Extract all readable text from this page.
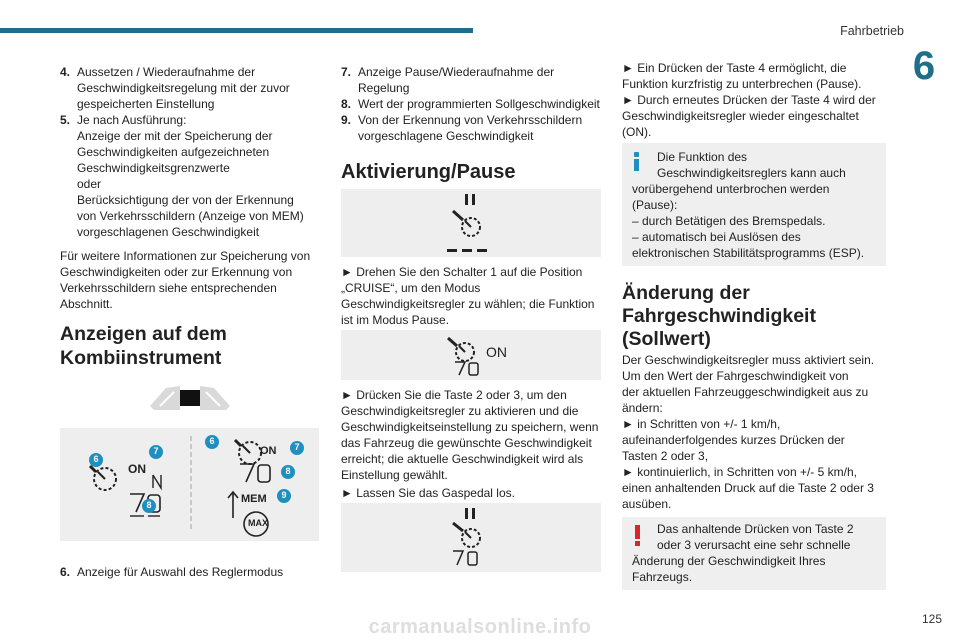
Fahrbetrieb
6
4. Aussetzen / Wiederaufnahme der Geschwindigkeitsregelung mit der zuvor gespeicherten Einstellung

5. Je nach Ausführung:

Anzeige der mit der Speicherung der Geschwindigkeiten aufgezeichneten Geschwindigkeitsgrenzwerte

oder

Berücksichtigung der von der Erkennung von Verkehrsschildern (Anzeige von MEM) vorgeschlagenen Geschwindigkeit

Für weitere Informationen zur Speicherung von Geschwindigkeiten oder zur Erkennung von Verkehrsschildern siehe entsprechenden Abschnitt.

Anzeigen auf dem Kombiinstrument
ON
ON
MEM
MAX
6
7
8
6
7
8
9
6. Anzeige für Auswahl des Reglermodus

7. Anzeige Pause/Wiederaufnahme der Regelung

8. Wert der programmierten Sollgeschwindigkeit

9. Von der Erkennung von Verkehrsschildern vorgeschlagene Geschwindigkeit

Aktivierung/Pause

► Drehen Sie den Schalter 1 auf die Position „CRUISE“, um den Modus Geschwindigkeitsregler zu wählen; die Funktion ist im Modus Pause.

ON

► Drücken Sie die Taste 2 oder 3, um den Geschwindigkeitsregler zu aktivieren und die Geschwindigkeitseinstellung zu speichern, wenn das Fahrzeug die gewünschte Geschwindigkeit erreicht; die aktuelle Geschwindigkeit wird als Einstellung gewählt.

► Lassen Sie das Gaspedal los.

► Ein Drücken der Taste 4 ermöglicht, die Funktion kurzfristig zu unterbrechen (Pause).

► Durch erneutes Drücken der Taste 4 wird der Geschwindigkeitsregler wieder eingeschaltet (ON).

Die Funktion des

Geschwindigkeitsreglers kann auch

vorübergehend unterbrochen werden

(Pause):

– durch Betätigen des Bremspedals.

– automatisch bei Auslösen des

elektronischen Stabilitätsprogramms (ESP).

Änderung der Fahrgeschwindigkeit (Sollwert)

Der Geschwindigkeitsregler muss aktiviert sein.

Um den Wert der Fahrgeschwindigkeit von

der aktuellen Fahrzeuggeschwindigkeit aus zu

ändern:

► in Schritten von +/- 1 km/h,

aufeinanderfolgendes kurzes Drücken der

Tasten 2 oder 3,

► kontinuierlich, in Schritten von +/- 5 km/h,

einen anhaltenden Druck auf die Taste 2 oder 3

ausüben.

Das anhaltende Drücken von Taste 2

oder 3 verursacht eine sehr schnelle

Änderung der Geschwindigkeit Ihres

Fahrzeugs.

carmanualsonline.info	125
